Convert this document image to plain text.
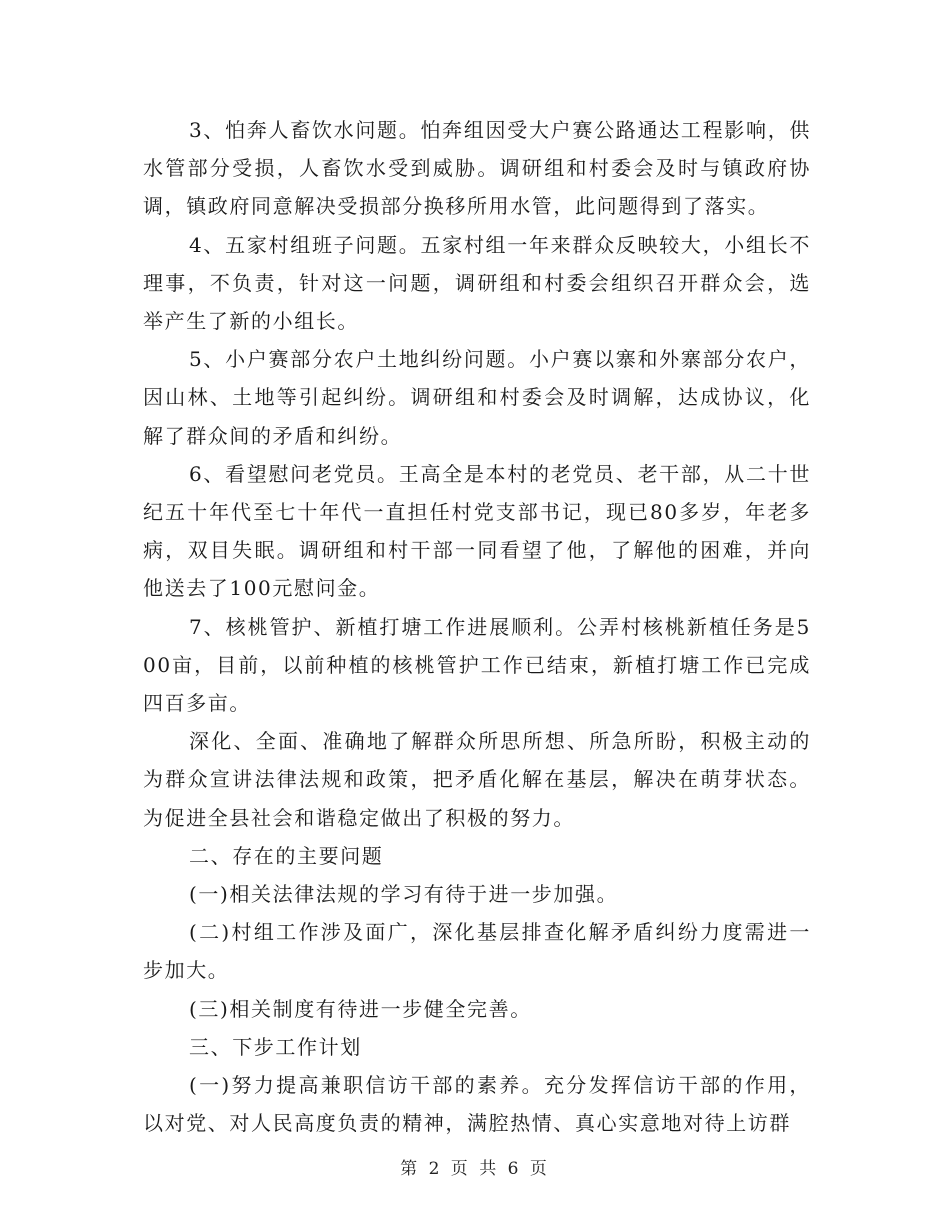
3、怕奔人畜饮水问题。怕奔组因受大户赛公路通达工程影响，供水管部分受损，人畜饮水受到威胁。调研组和村委会及时与镇政府协调，镇政府同意解决受损部分换移所用水管，此问题得到了落实。

4、五家村组班子问题。五家村组一年来群众反映较大，小组长不理事，不负责，针对这一问题，调研组和村委会组织召开群众会，选举产生了新的小组长。

5、小户赛部分农户土地纠纷问题。小户赛以寨和外寨部分农户，因山林、土地等引起纠纷。调研组和村委会及时调解，达成协议，化解了群众间的矛盾和纠纷。

6、看望慰问老党员。王高全是本村的老党员、老干部，从二十世纪五十年代至七十年代一直担任村党支部书记，现已80多岁，年老多病，双目失眠。调研组和村干部一同看望了他，了解他的困难，并向他送去了100元慰问金。

7、核桃管护、新植打塘工作进展顺利。公弄村核桃新植任务是500亩，目前，以前种植的核桃管护工作已结束，新植打塘工作已完成四百多亩。

深化、全面、准确地了解群众所思所想、所急所盼，积极主动的为群众宣讲法律法规和政策，把矛盾化解在基层，解决在萌芽状态。为促进全县社会和谐稳定做出了积极的努力。

二、存在的主要问题

(一)相关法律法规的学习有待于进一步加强。

(二)村组工作涉及面广，深化基层排查化解矛盾纠纷力度需进一步加大。

(三)相关制度有待进一步健全完善。

三、下步工作计划

(一)努力提高兼职信访干部的素养。充分发挥信访干部的作用，以对党、对人民高度负责的精神，满腔热情、真心实意地对待上访群

第 2 页 共 6 页
